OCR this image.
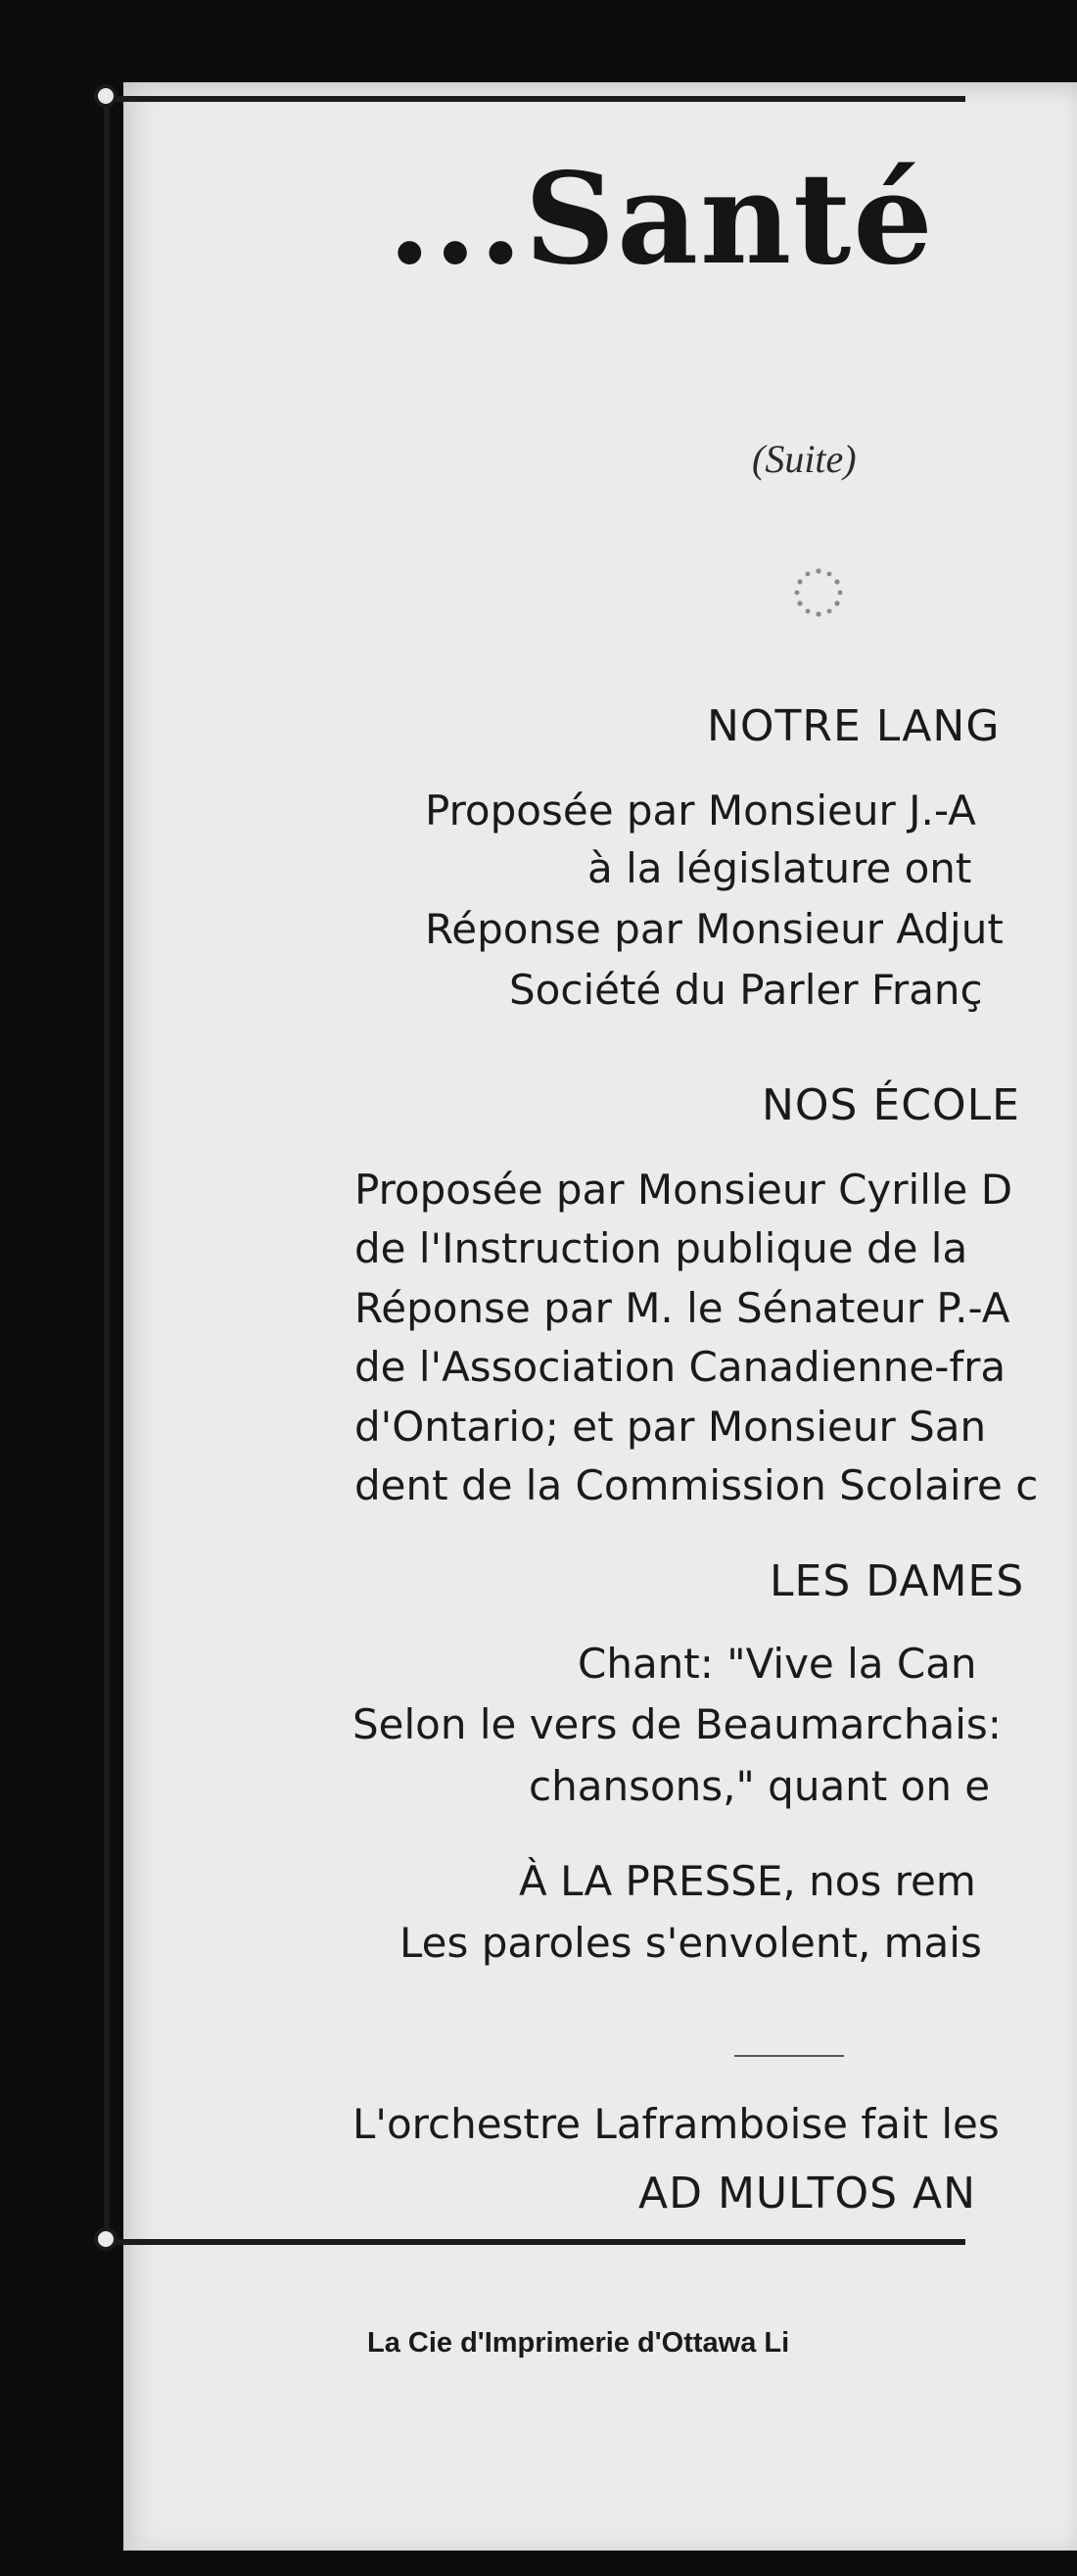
...Santé
(Suite)
NOTRE LANG
Proposée par Monsieur J.-A
à la législature ont
Réponse par Monsieur Adjut
Société du Parler Franç
NOS ÉCOLE
Proposée par Monsieur Cyrille D
de l'Instruction publique de la
Réponse par M. le Sénateur P.-A
de l'Association Canadienne-fra
d'Ontario; et par Monsieur San
dent de la Commission Scolaire c
LES DAMES
Chant: "Vive la Can
Selon le vers de Beaumarchais:
chansons," quant on e
À LA PRESSE, nos rem
Les paroles s'envolent, mais
L'orchestre Laframboise fait les
AD MULTOS AN
La Cie d'Imprimerie d'Ottawa Li
